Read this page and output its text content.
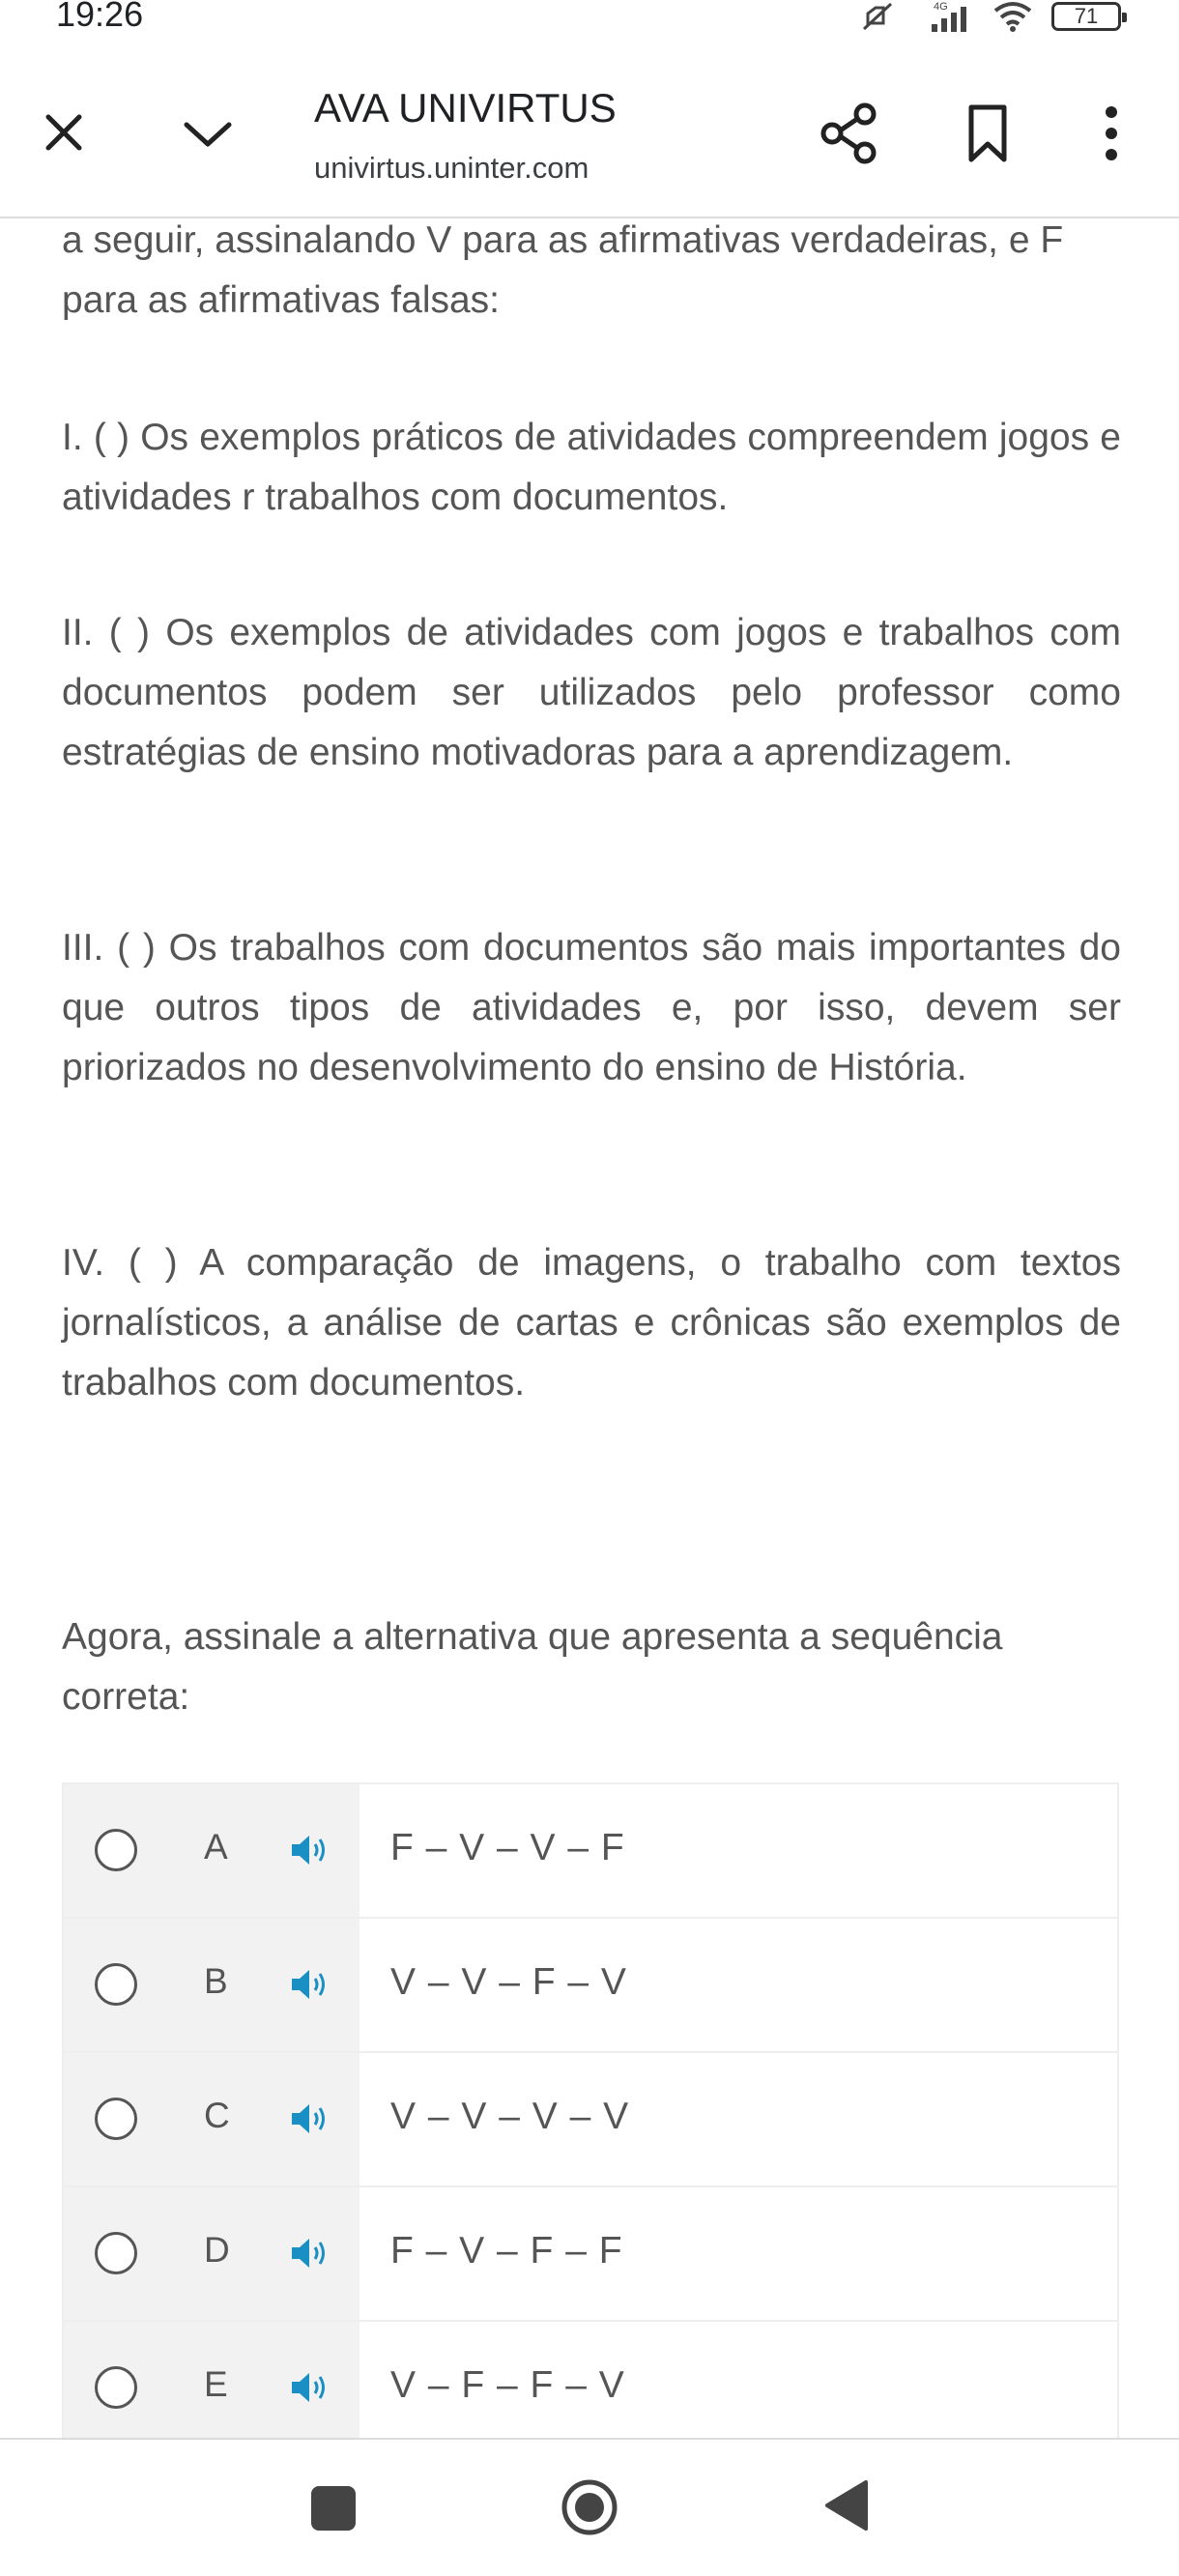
19:26	4G	71
AVA UNIVIRTUS
univirtus.uninter.com

a seguir, assinalando V para as afirmativas verdadeiras, e F para as afirmativas falsas:

I. ( ) Os exemplos práticos de atividades compreendem jogos e atividades r trabalhos com documentos.

II. ( ) Os exemplos de atividades com jogos e trabalhos com documentos podem ser utilizados pelo professor como estratégias de ensino motivadoras para a aprendizagem.

III. ( ) Os trabalhos com documentos são mais importantes do que outros tipos de atividades e, por isso, devem ser priorizados no desenvolvimento do ensino de História.

IV. ( ) A comparação de imagens, o trabalho com textos jornalísticos, a análise de cartas e crônicas são exemplos de trabalhos com documentos.

Agora, assinale a alternativa que apresenta a sequência correta:

A	F – V – V – F
B	V – V – F – V
C	V – V – V – V
D	F – V – F – F
E	V – F – F – V
